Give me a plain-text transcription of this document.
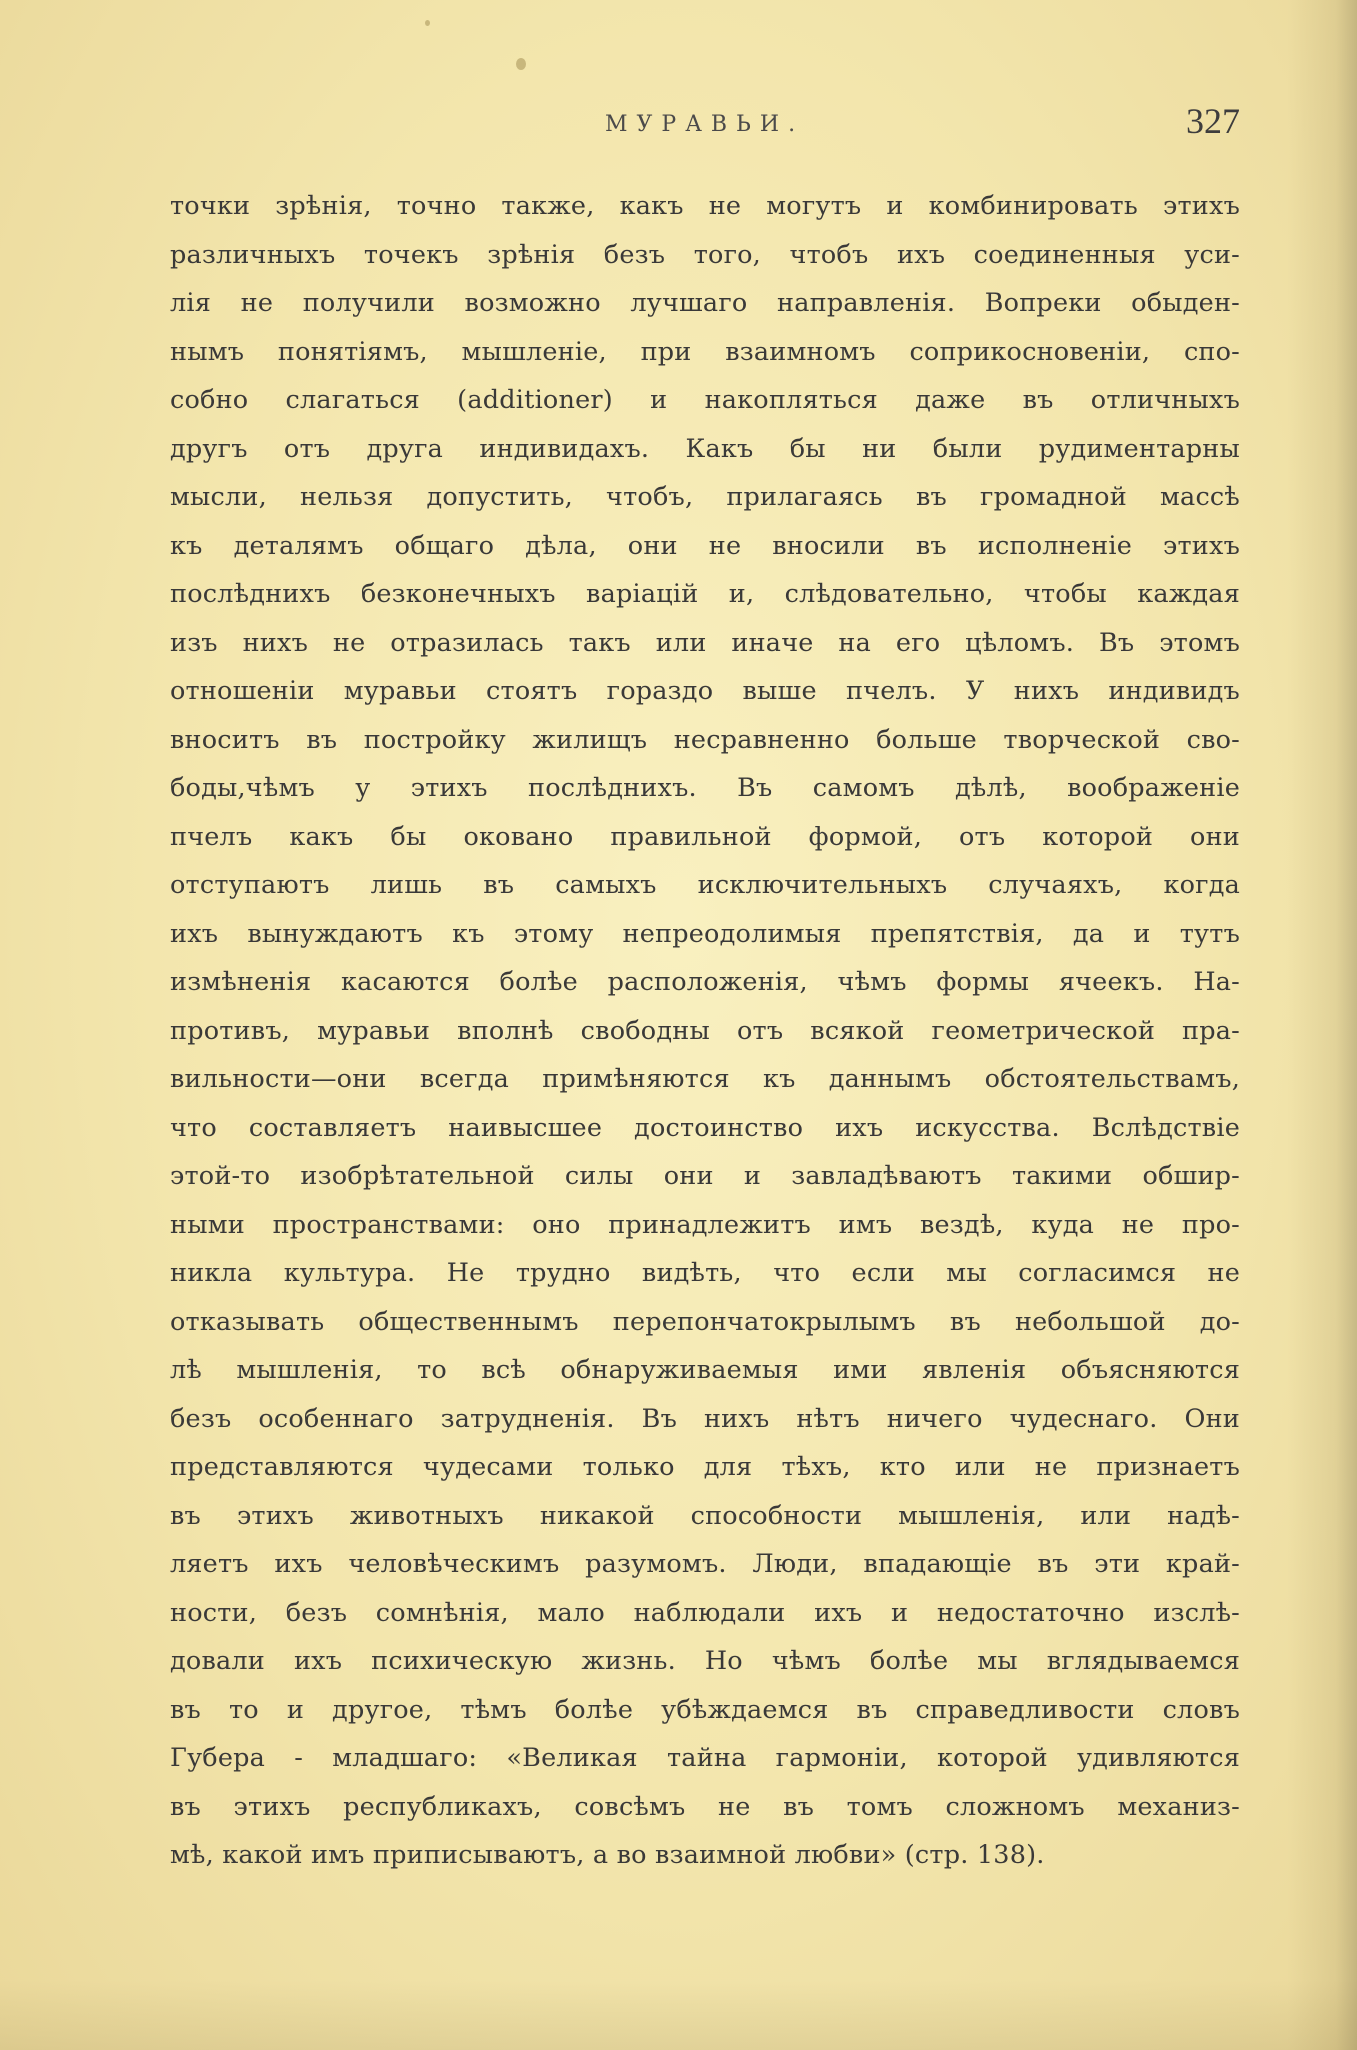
МУРАВЬИ.	327
точки зрѣнія, точно также, какъ не могутъ и комбинировать этихъ
различныхъ точекъ зрѣнія безъ того, чтобъ ихъ соединенныя уси-
лія не получили возможно лучшаго направленія. Вопреки обыден-
нымъ понятіямъ, мышленіе, при взаимномъ соприкосновеніи, спо-
собно слагаться (additioner) и накопляться даже въ отличныхъ
другъ отъ друга индивидахъ. Какъ бы ни были рудиментарны
мысли, нельзя допустить, чтобъ, прилагаясь въ громадной массѣ
къ деталямъ общаго дѣла, они не вносили въ исполненіе этихъ
послѣднихъ безконечныхъ варіацій и, слѣдовательно, чтобы каждая
изъ нихъ не отразилась такъ или иначе на его цѣломъ. Въ этомъ
отношеніи муравьи стоятъ гораздо выше пчелъ. У нихъ индивидъ
вноситъ въ постройку жилищъ несравненно больше творческой сво-
боды,чѣмъ у этихъ послѣднихъ. Въ самомъ дѣлѣ, воображеніе
пчелъ какъ бы оковано правильной формой, отъ которой они
отступаютъ лишь въ самыхъ исключительныхъ случаяхъ, когда
ихъ вынуждаютъ къ этому непреодолимыя препятствія, да и тутъ
измѣненія касаются болѣе расположенія, чѣмъ формы ячеекъ. На-
противъ, муравьи вполнѣ свободны отъ всякой геометрической пра-
вильности—они всегда примѣняются къ даннымъ обстоятельствамъ,
что составляетъ наивысшее достоинство ихъ искусства. Вслѣдствіе
этой-то изобрѣтательной силы они и завладѣваютъ такими обшир-
ными пространствами: оно принадлежитъ имъ вездѣ, куда не про-
никла культура. Не трудно видѣть, что если мы согласимся не
отказывать общественнымъ перепончатокрылымъ въ небольшой до-
лѣ мышленія, то всѣ обнаруживаемыя ими явленія объясняются
безъ особеннаго затрудненія. Въ нихъ нѣтъ ничего чудеснаго. Они
представляются чудесами только для тѣхъ, кто или не признаетъ
въ этихъ животныхъ никакой способности мышленія, или надѣ-
ляетъ ихъ человѣческимъ разумомъ. Люди, впадающіе въ эти край-
ности, безъ сомнѣнія, мало наблюдали ихъ и недостаточно изслѣ-
довали ихъ психическую жизнь. Но чѣмъ болѣе мы вглядываемся
въ то и другое, тѣмъ болѣе убѣждаемся въ справедливости словъ
Губера - младшаго: «Великая тайна гармоніи, которой удивляются
въ этихъ республикахъ, совсѣмъ не въ томъ сложномъ механиз-
мѣ, какой имъ приписываютъ, а во взаимной любви» (стр. 138).
